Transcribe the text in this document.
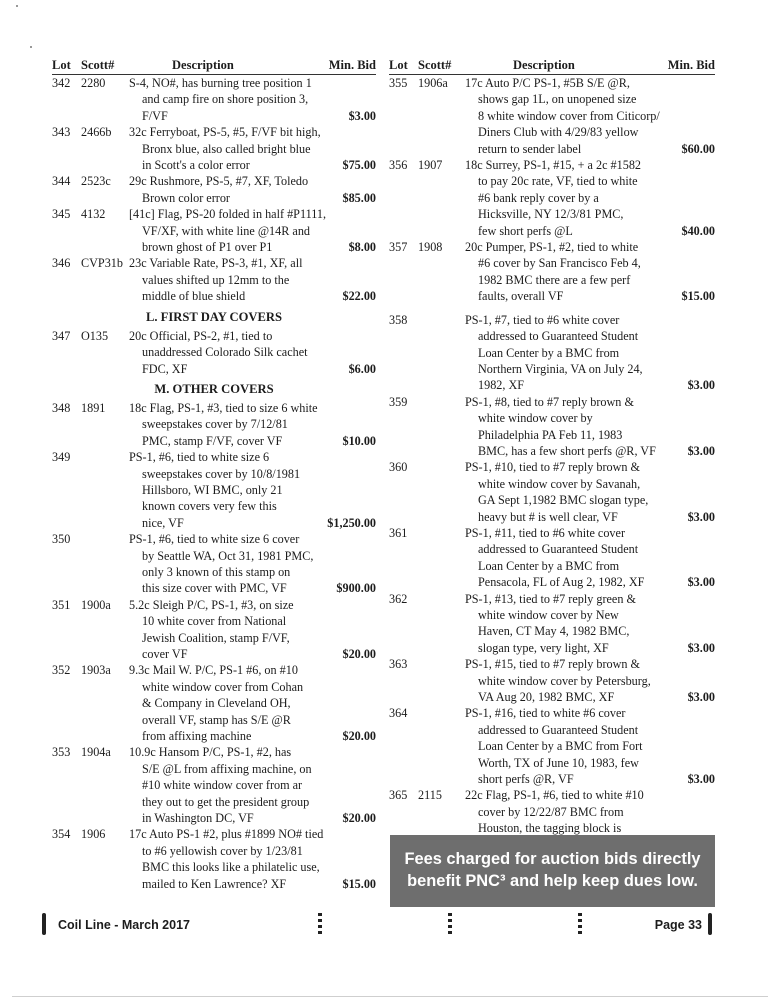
Lot Scott#	Description	Min. Bid
342 2280	S-4, NO#, has burning tree position 1
and camp fire on shore position 3,
F/VF	$3.00
343 2466b	32c Ferryboat, PS-5, #5, F/VF bit high,
Bronx blue, also called bright blue
in Scott's a color error	$75.00
344 2523c	29c Rushmore, PS-5, #7, XF, Toledo
Brown color error	$85.00
345 4132	[41c] Flag, PS-20 folded in half #P1111,
VF/XF, with white line @14R and
brown ghost of P1 over P1	$8.00
346 CVP31b 23c Variable Rate, PS-3, #1, XF, all
values shifted up 12mm to the
middle of blue shield	$22.00
L. FIRST DAY COVERS
347 O135	20c Official, PS-2, #1, tied to
unaddressed Colorado Silk cachet
FDC, XF	$6.00
M. OTHER COVERS
348 1891	18c Flag, PS-1, #3, tied to size 6 white
sweepstakes cover by 7/12/81
PMC, stamp F/VF, cover VF	$10.00
349	PS-1, #6, tied to white size 6
sweepstakes cover by 10/8/1981
Hillsboro, WI BMC, only 21
known covers very few this
nice, VF	$1,250.00
350	PS-1, #6, tied to white size 6 cover
by Seattle WA, Oct 31, 1981 PMC,
only 3 known of this stamp on
this size cover with PMC, VF	$900.00
351 1900a	5.2c Sleigh P/C, PS-1, #3, on size
10 white cover from National
Jewish Coalition, stamp F/VF,
cover VF	$20.00
352 1903a	9.3c Mail W. P/C, PS-1 #6, on #10
white window cover from Cohan
& Company in Cleveland OH,
overall VF, stamp has S/E @R
from affixing machine	$20.00
353 1904a	10.9c Hansom P/C, PS-1, #2, has
S/E @L from affixing machine, on
#10 white window cover from ar
they out to get the president group
in Washington DC, VF	$20.00
354 1906	17c Auto PS-1 #2, plus #1899 NO# tied
to #6 yellowish cover by 1/23/81
BMC this looks like a philatelic use,
mailed to Ken Lawrence? XF	$15.00
Lot Scott#	Description	Min. Bid
355 1906a	17c Auto P/C PS-1, #5B S/E @R,
shows gap 1L, on unopened size
8 white window cover from Citicorp/
Diners Club with 4/29/83 yellow
return to sender label	$60.00
356 1907	18c Surrey, PS-1, #15, + a 2c #1582
to pay 20c rate, VF, tied to white
#6 bank reply cover by a
Hicksville, NY 12/3/81 PMC,
few short perfs @L	$40.00
357 1908	20c Pumper, PS-1, #2, tied to white
#6 cover by San Francisco Feb 4,
1982 BMC there are a few perf
faults, overall VF	$15.00
358	PS-1, #7, tied to #6 white cover
addressed to Guaranteed Student
Loan Center by a BMC from
Northern Virginia, VA on July 24,
1982, XF	$3.00
359	PS-1, #8, tied to #7 reply brown &
white window cover by
Philadelphia PA Feb 11, 1983
BMC, has a few short perfs @R, VF	$3.00
360	PS-1, #10, tied to #7 reply brown &
white window cover by Savanah,
GA Sept 1,1982 BMC slogan type,
heavy but # is well clear, VF	$3.00
361	PS-1, #11, tied to #6 white cover
addressed to Guaranteed Student
Loan Center by a BMC from
Pensacola, FL of Aug 2, 1982, XF	$3.00
362	PS-1, #13, tied to #7 reply green &
white window cover by New
Haven, CT May 4, 1982 BMC,
slogan type, very light, XF	$3.00
363	PS-1, #15, tied to #7 reply brown &
white window cover by Petersburg,
VA Aug 20, 1982 BMC, XF	$3.00
364	PS-1, #16, tied to white #6 cover
addressed to Guaranteed Student
Loan Center by a BMC from Fort
Worth, TX of June 10, 1983, few
short perfs @R, VF	$3.00
365 2115	22c Flag, PS-1, #6, tied to white #10
cover by 12/22/87 BMC from
Houston, the tagging block is
Fees charged for auction bids directly
benefit PNC³ and help keep dues low.
Coil Line - March 2017	Page 33
